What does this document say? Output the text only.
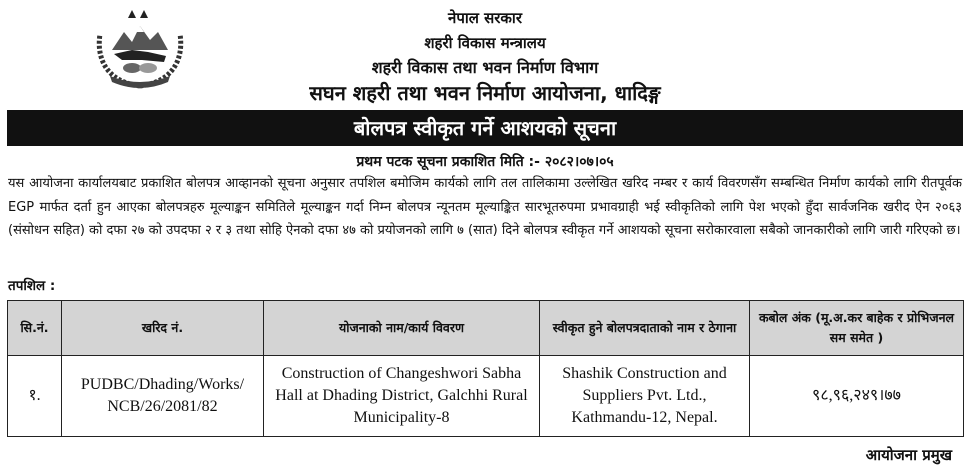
नेपाल सरकार
शहरी विकास मन्त्रालय
शहरी विकास तथा भवन निर्माण विभाग
सघन शहरी तथा भवन निर्माण आयोजना, धादिङ्ग
बोलपत्र स्वीकृत गर्ने आशयको सूचना
प्रथम पटक सूचना प्रकाशित मिति :- २०८२।०७।०५
यस आयोजना कार्यालयबाट प्रकाशित बोलपत्र आव्हानको सूचना अनुसार तपशिल बमोजिम कार्यको लागि तल तालिकामा उल्लेखित खरिद नम्बर र कार्य विवरणसँग सम्बन्धित निर्माण कार्यको लागि रीतपूर्वक EGP मार्फत दर्ता हुन आएका बोलपत्रहरु मूल्याङ्कन समितिले मूल्याङ्कन गर्दा निम्न बोलपत्र न्यूनतम मूल्याङ्कित सारभूतरुपमा प्रभावग्राही भई स्वीकृतिको लागि पेश भएको हुँदा सार्वजनिक खरीद ऐन २०६३ (संसोधन सहित) को दफा २७ को उपदफा २ र ३ तथा सोहि ऐनको दफा ४७ को प्रयोजनको लागि ७ (सात) दिने बोलपत्र स्वीकृत गर्ने आशयको सूचना सरोकारवाला सबैको जानकारीको लागि जारी गरिएको छ।
तपशिल :
सि.नं.	खरिद नं.	योजनाको नाम/कार्य विवरण	स्वीकृत हुने बोलपत्रदाताको नाम र ठेगाना	कबोल अंक (मू.अ.कर बाहेक र प्रोभिजनल सम समेत )
१.	PUDBC/Dhading/Works/ NCB/26/2081/82	Construction of Changeshwori Sabha Hall at Dhading District, Galchhi Rural Municipality-8	Shashik Construction and Suppliers Pvt. Ltd., Kathmandu-12, Nepal.	९८,९६,२४९।७७
आयोजना प्रमुख
